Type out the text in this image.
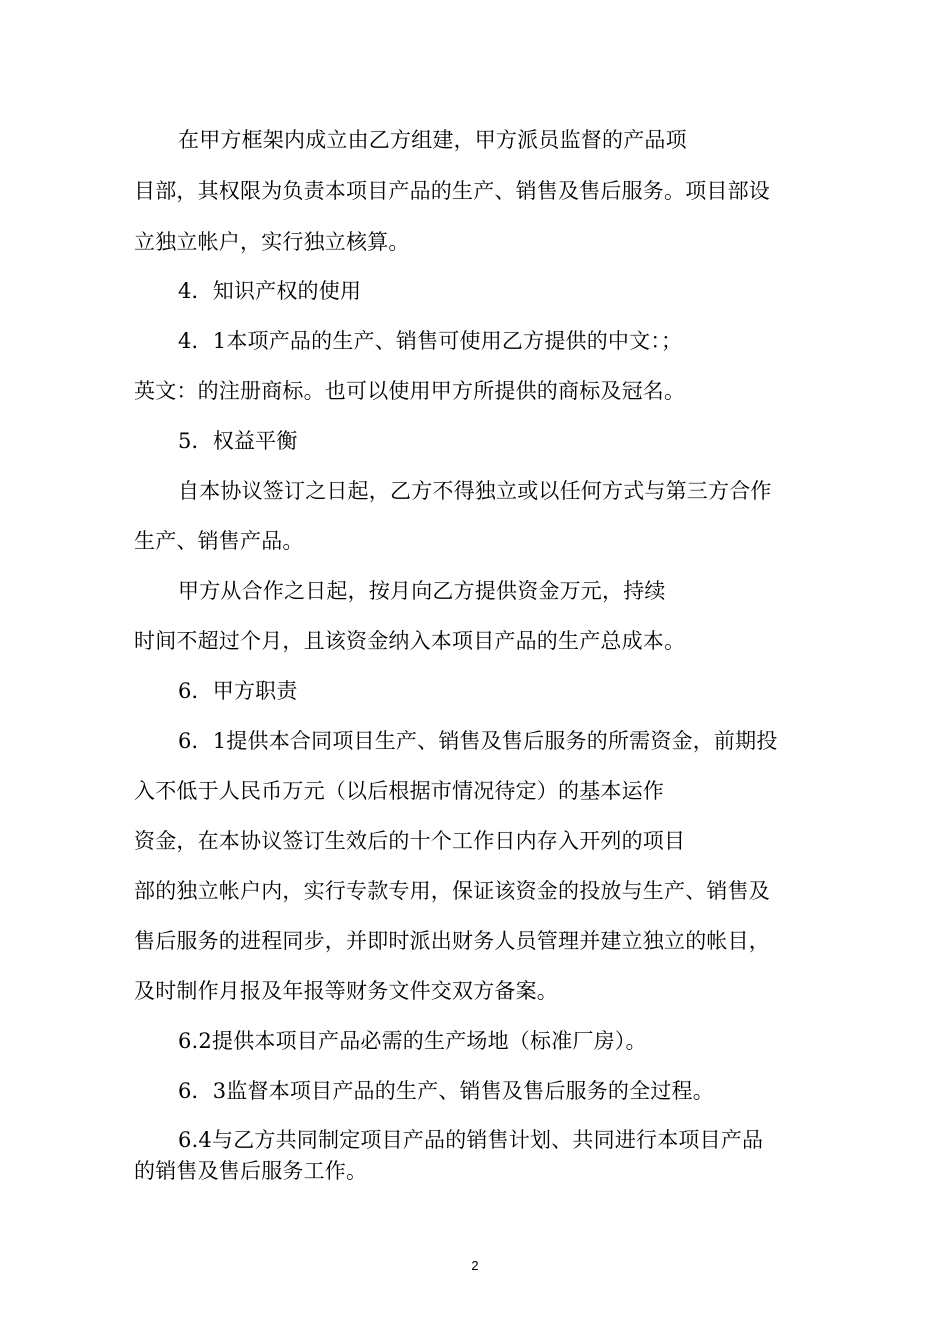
在甲方框架内成立由乙方组建，甲方派员监督的产品项
目部，其权限为负责本项目产品的生产、销售及售后服务。项目部设
立独立帐户，实行独立核算。
4．知识产权的使用
4．1本项产品的生产、销售可使用乙方提供的中文：；
英文：的注册商标。也可以使用甲方所提供的商标及冠名。
5．权益平衡
自本协议签订之日起，乙方不得独立或以任何方式与第三方合作
生产、销售产品。
甲方从合作之日起，按月向乙方提供资金万元，持续
时间不超过个月，且该资金纳入本项目产品的生产总成本。
6．甲方职责
6．1提供本合同项目生产、销售及售后服务的所需资金，前期投
入不低于人民币万元（以后根据市情况待定）的基本运作
资金，在本协议签订生效后的十个工作日内存入开列的项目
部的独立帐户内，实行专款专用，保证该资金的投放与生产、销售及
售后服务的进程同步，并即时派出财务人员管理并建立独立的帐目，
及时制作月报及年报等财务文件交双方备案。
6.2提供本项目产品必需的生产场地（标准厂房）。
6．3监督本项目产品的生产、销售及售后服务的全过程。
6.4与乙方共同制定项目产品的销售计划、共同进行本项目产品
的销售及售后服务工作。
2
